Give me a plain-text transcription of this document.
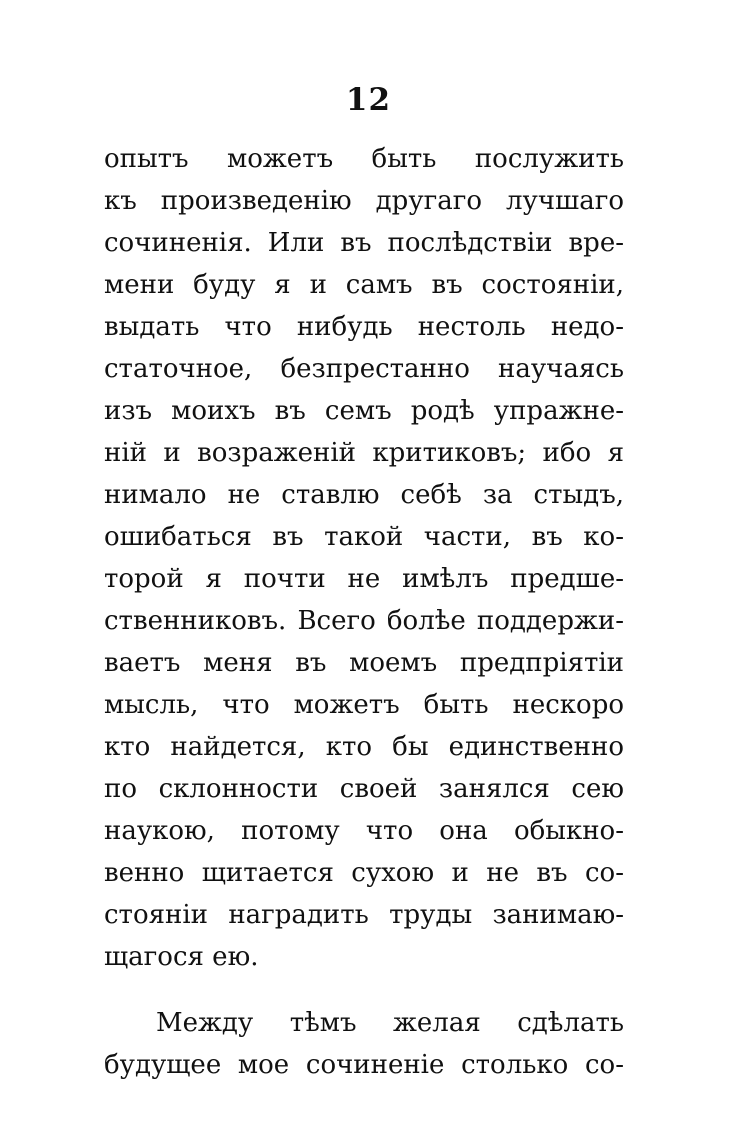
12
опытъ можетъ быть послужить
къ произведенію другаго лучшаго
сочиненія. Или въ послѣдствіи вре-
мени буду я и самъ въ состояніи,
выдать что нибудь нестоль недо-
статочное, безпрестанно научаясь
изъ моихъ въ семъ родѣ упражне-
ній и возраженій критиковъ; ибо я
нимало не ставлю себѣ за стыдъ,
ошибаться въ такой части, въ ко-
торой я почти не имѣлъ предше-
ственниковъ. Всего болѣе поддержи-
ваетъ меня въ моемъ предпріятіи
мысль, что можетъ быть нескоро
кто найдется, кто бы единственно
по склонности своей занялся сею
наукою, потому что она обыкно-
венно щитается сухою и не въ со-
стояніи наградить труды занимаю-
щагося ею.
Между тѣмъ желая сдѣлать
будущее мое сочиненіе столько со-
